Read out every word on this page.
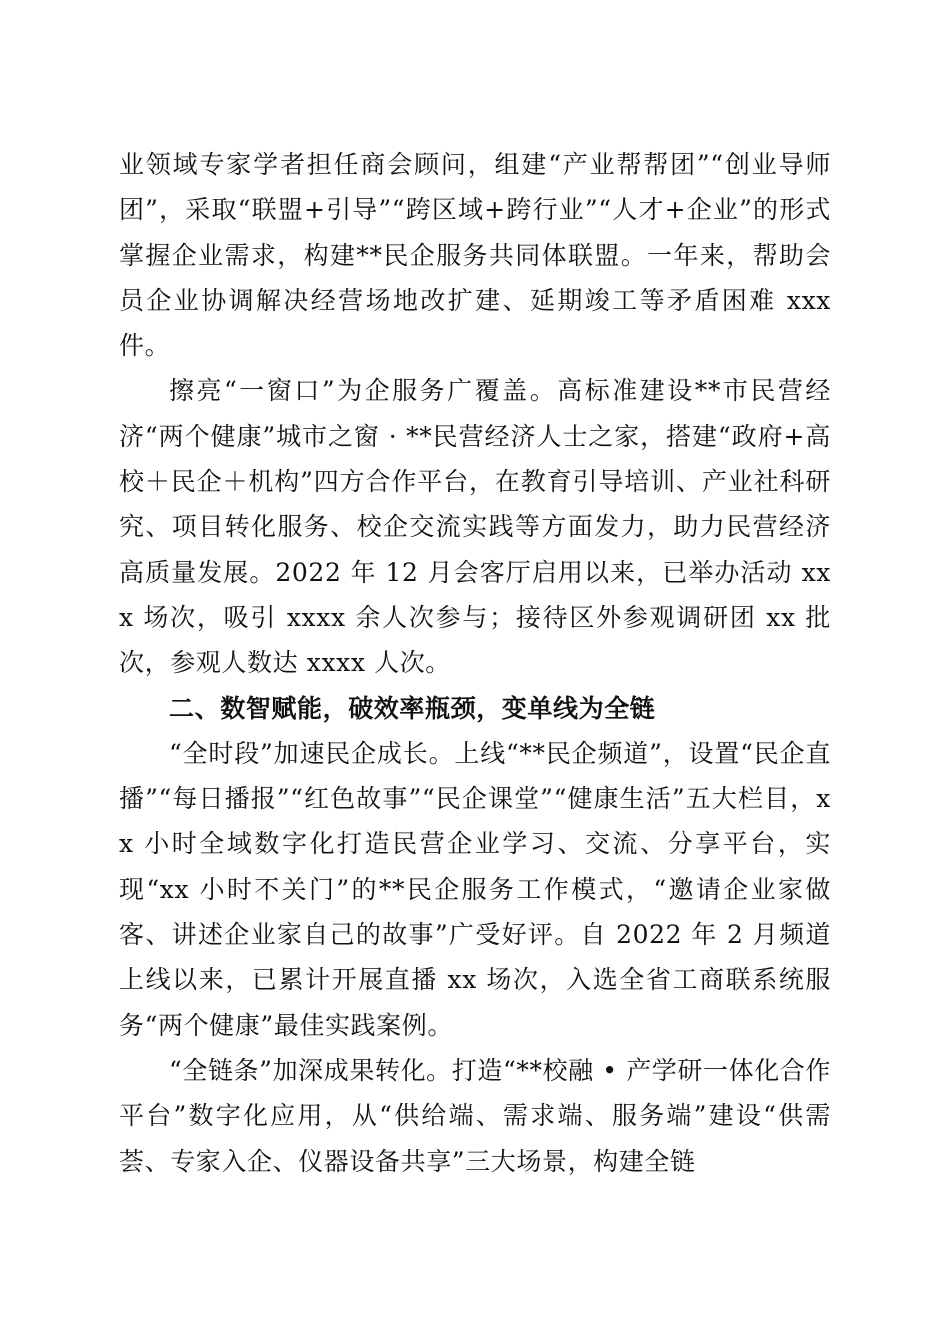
业领域专家学者担任商会顾问，组建“产业帮帮团”“创业导师团”，采取“联盟+引导”“跨区域+跨行业”“人才+企业”的形式掌握企业需求，构建**民企服务共同体联盟。一年来，帮助会员企业协调解决经营场地改扩建、延期竣工等矛盾困难 xxx 件。

擦亮“一窗口”为企服务广覆盖。高标准建设**市民营经济“两个健康”城市之窗 · **民营经济人士之家，搭建“政府+高校＋民企＋机构”四方合作平台，在教育引导培训、产业社科研究、项目转化服务、校企交流实践等方面发力，助力民营经济高质量发展。2022 年 12 月会客厅启用以来，已举办活动 xxx 场次，吸引 xxxx 余人次参与；接待区外参观调研团 xx 批次，参观人数达 xxxx 人次。

二、数智赋能，破效率瓶颈，变单线为全链

“全时段”加速民企成长。上线“**民企频道”，设置“民企直播”“每日播报”“红色故事”“民企课堂”“健康生活”五大栏目，xx 小时全域数字化打造民营企业学习、交流、分享平台，实现“xx 小时不关门”的**民企服务工作模式，“邀请企业家做客、讲述企业家自己的故事”广受好评。自 2022 年 2 月频道上线以来，已累计开展直播 xx 场次，入选全省工商联系统服务“两个健康”最佳实践案例。

“全链条”加深成果转化。打造“**校融 • 产学研一体化合作平台”数字化应用，从“供给端、需求端、服务端”建设“供需荟、专家入企、仪器设备共享”三大场景，构建全链
